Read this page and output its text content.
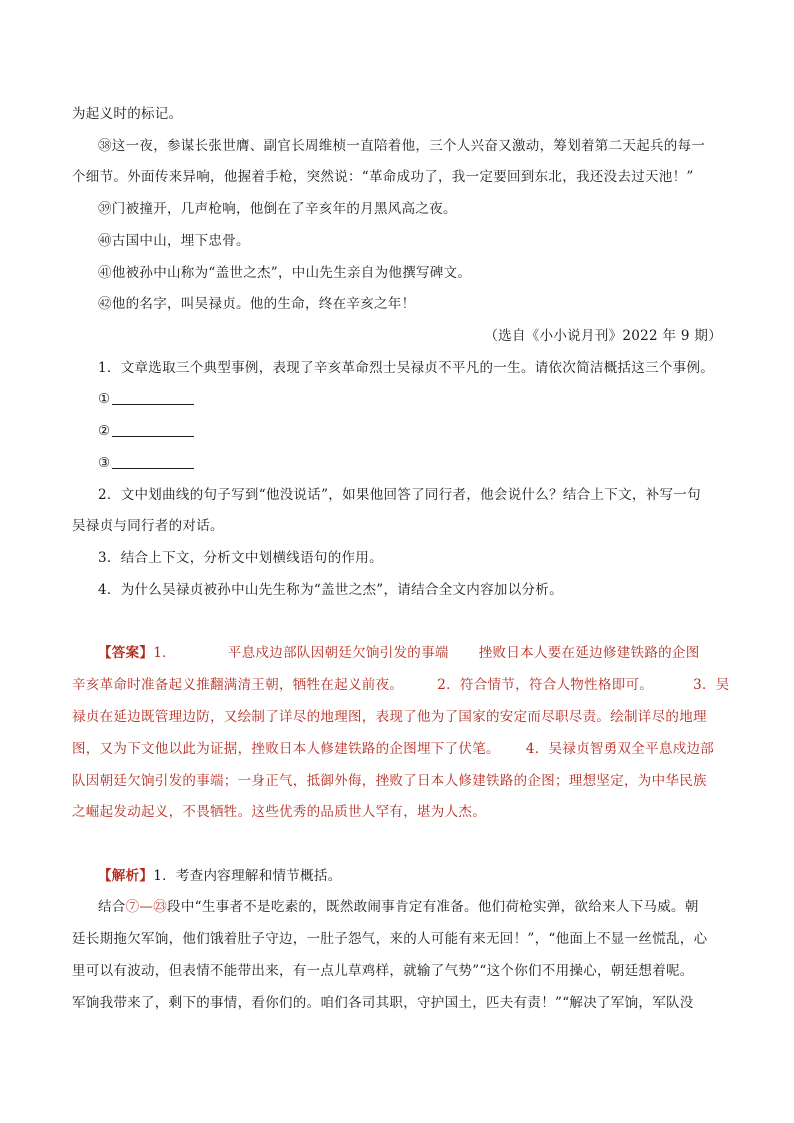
为起义时的标记。
㊳这一夜，参谋长张世膺、副官长周维桢一直陪着他，三个人兴奋又激动，筹划着第二天起兵的每一
个细节。外面传来异响，他握着手枪，突然说：“革命成功了，我一定要回到东北，我还没去过天池！”
㊴门被撞开，几声枪响，他倒在了辛亥年的月黑风高之夜。
㊵古国中山，埋下忠骨。
㊶他被孙中山称为“盖世之杰”，中山先生亲自为他撰写碑文。
㊷他的名字，叫吴禄贞。他的生命，终在辛亥之年！
（选自《小小说月刊》2022 年 9 期）
1．文章选取三个典型事例，表现了辛亥革命烈士吴禄贞不平凡的一生。请依次简洁概括这三个事例。
①
②
③
2．文中划曲线的句子写到“他没说话”，如果他回答了同行者，他会说什么？结合上下文，补写一句
吴禄贞与同行者的对话。
3．结合上下文，分析文中划横线语句的作用。
4．为什么吴禄贞被孙中山先生称为“盖世之杰”，请结合全文内容加以分析。
【答案】1．	平息戍边部队因朝廷欠饷引发的事端 挫败日本人要在延边修建铁路的企图
辛亥革命时准备起义推翻满清王朝，牺牲在起义前夜。	2．符合情节，符合人物性格即可。	3．吴
禄贞在延边既管理边防，又绘制了详尽的地理图，表现了他为了国家的安定而尽职尽责。绘制详尽的地理
图，又为下文他以此为证据，挫败日本人修建铁路的企图埋下了伏笔。 4．吴禄贞智勇双全平息戍边部
队因朝廷欠饷引发的事端；一身正气，抵御外侮，挫败了日本人修建铁路的企图；理想坚定，为中华民族
之崛起发动起义，不畏牺牲。这些优秀的品质世人罕有，堪为人杰。
【解析】1．考查内容理解和情节概括。
结合⑦—㉓段中“生事者不是吃素的，既然敢闹事肯定有准备。他们荷枪实弹，欲给来人下马威。朝
廷长期拖欠军饷，他们饿着肚子守边，一肚子怨气，来的人可能有来无回！”，“他面上不显一丝慌乱，心
里可以有波动，但表情不能带出来，有一点儿草鸡样，就输了气势”“这个你们不用操心，朝廷想着呢。
军饷我带来了，剩下的事情，看你们的。咱们各司其职，守护国土，匹夫有责！”“解决了军饷，军队没
